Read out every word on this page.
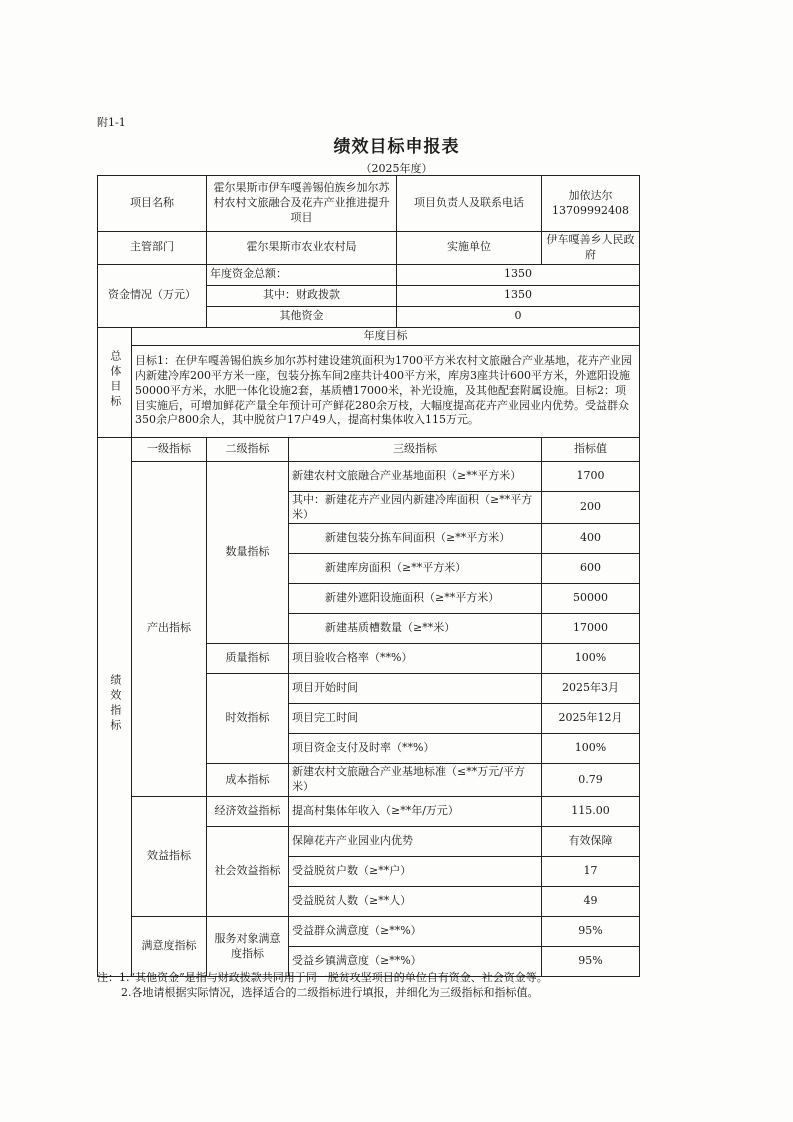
附1-1
绩效目标申报表
（2025年度）
项目名称		霍尔果斯市伊车嘎善锡伯族乡加尔苏村农村文旅融合及花卉产业推进提升项目		项目负责人及联系电话	加依达尔
13709992408

主管部门		霍尔果斯市农业农村局		实施单位	伊车嘎善乡人民政府
资金情况（万元）		年度资金总额：		1350	
		其中：财政拨款		1350	
		其他资金		0	
总体目标	年度目标				
	目标1：在伊车嘎善锡伯族乡加尔苏村建设建筑面积为1700平方米农村文旅融合产业基地，花卉产业园内新建冷库200平方米一座，包装分拣车间2座共计400平方米，库房3座共计600平方米，外遮阳设施50000平方米，水肥一体化设施2套，基质槽17000米，补光设施，及其他配套附属设施。目标2：项目实施后，可增加鲜花产量全年预计可产鲜花280余万枝，大幅度提高花卉产业园业内优势。受益群众350余户800余人，其中脱贫户17户49人，提高村集体收入115万元。				
绩效指标	一级指标	二级指标	三级指标		指标值
	产出指标	数量指标	新建农村文旅融合产业基地面积（≥**平方米）		1700
			其中：新建花卉产业园内新建冷库面积（≥**平方米）		200
			新建包装分拣车间面积（≥**平方米）		400
			新建库房面积（≥**平方米）		600
			新建外遮阳设施面积（≥**平方米）		50000
			新建基质槽数量（≥**米）		17000
		质量指标	项目验收合格率（**%）		100%
		时效指标	项目开始时间		2025年3月
			项目完工时间		2025年12月
			项目资金支付及时率（**%）		100%
		成本指标	新建农村文旅融合产业基地标准（≤**万元/平方米）		0.79
	效益指标	经济效益指标	提高村集体年收入（≥**年/万元）		115.00
		社会效益指标	保障花卉产业园业内优势		有效保障
			受益脱贫户数（≥**户）		17
			受益脱贫人数（≥**人）		49
	满意度指标	服务对象满意度指标	受益群众满意度（≥**%）		95%
			受益乡镇满意度（≥**%）		95%
注：1.“其他资金”是指与财政拨款共同用于同一脱贫攻坚项目的单位自有资金、社会资金等。
2.各地请根据实际情况，选择适合的二级指标进行填报，并细化为三级指标和指标值。
